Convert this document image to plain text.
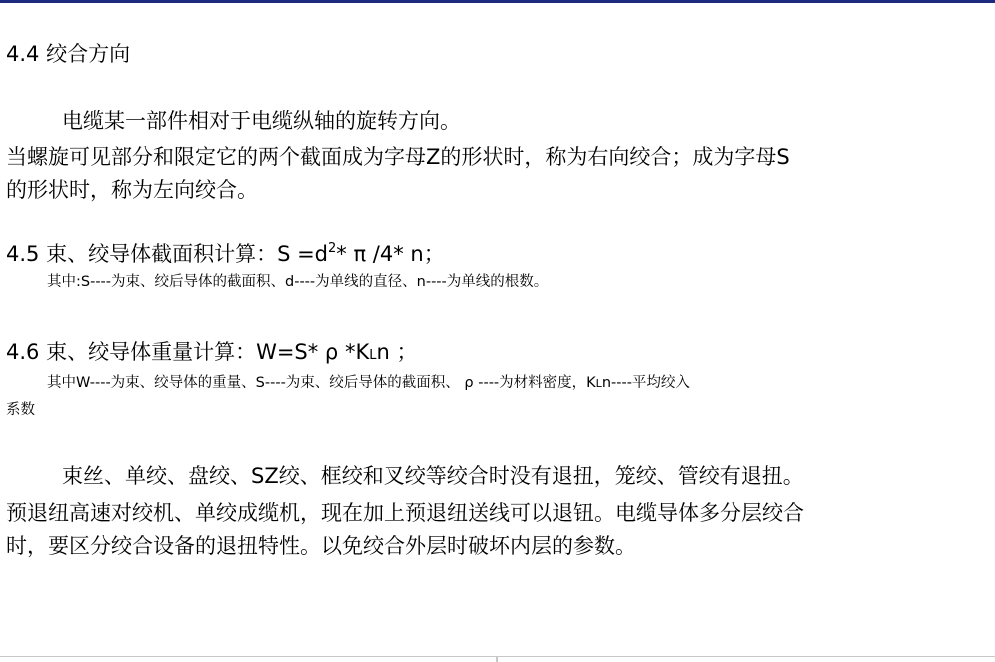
4.4 绞合方向
电缆某一部件相对于电缆纵轴的旋转方向。
当螺旋可见部分和限定它的两个截面成为字母Z的形状时，称为右向绞合；成为字母S
的形状时，称为左向绞合。
4.5 束、绞导体截面积计算：$S =d^2*$ π /4* n；
其中:S----为束、绞后导体的截面积、d----为单线的直径、n----为单线的根数。
4.6 束、绞导体重量计算：W=S* ρ *KLn ；
其中W----为束、绞导体的重量、S----为束、绞后导体的截面积、 ρ ----为材料密度，KLn----平均绞入
系数
束丝、单绞、盘绞、SZ绞、框绞和叉绞等绞合时没有退扭，笼绞、管绞有退扭。
预退纽高速对绞机、单绞成缆机，现在加上预退纽送线可以退钮。电缆导体多分层绞合
时，要区分绞合设备的退扭特性。以免绞合外层时破坏内层的参数。
